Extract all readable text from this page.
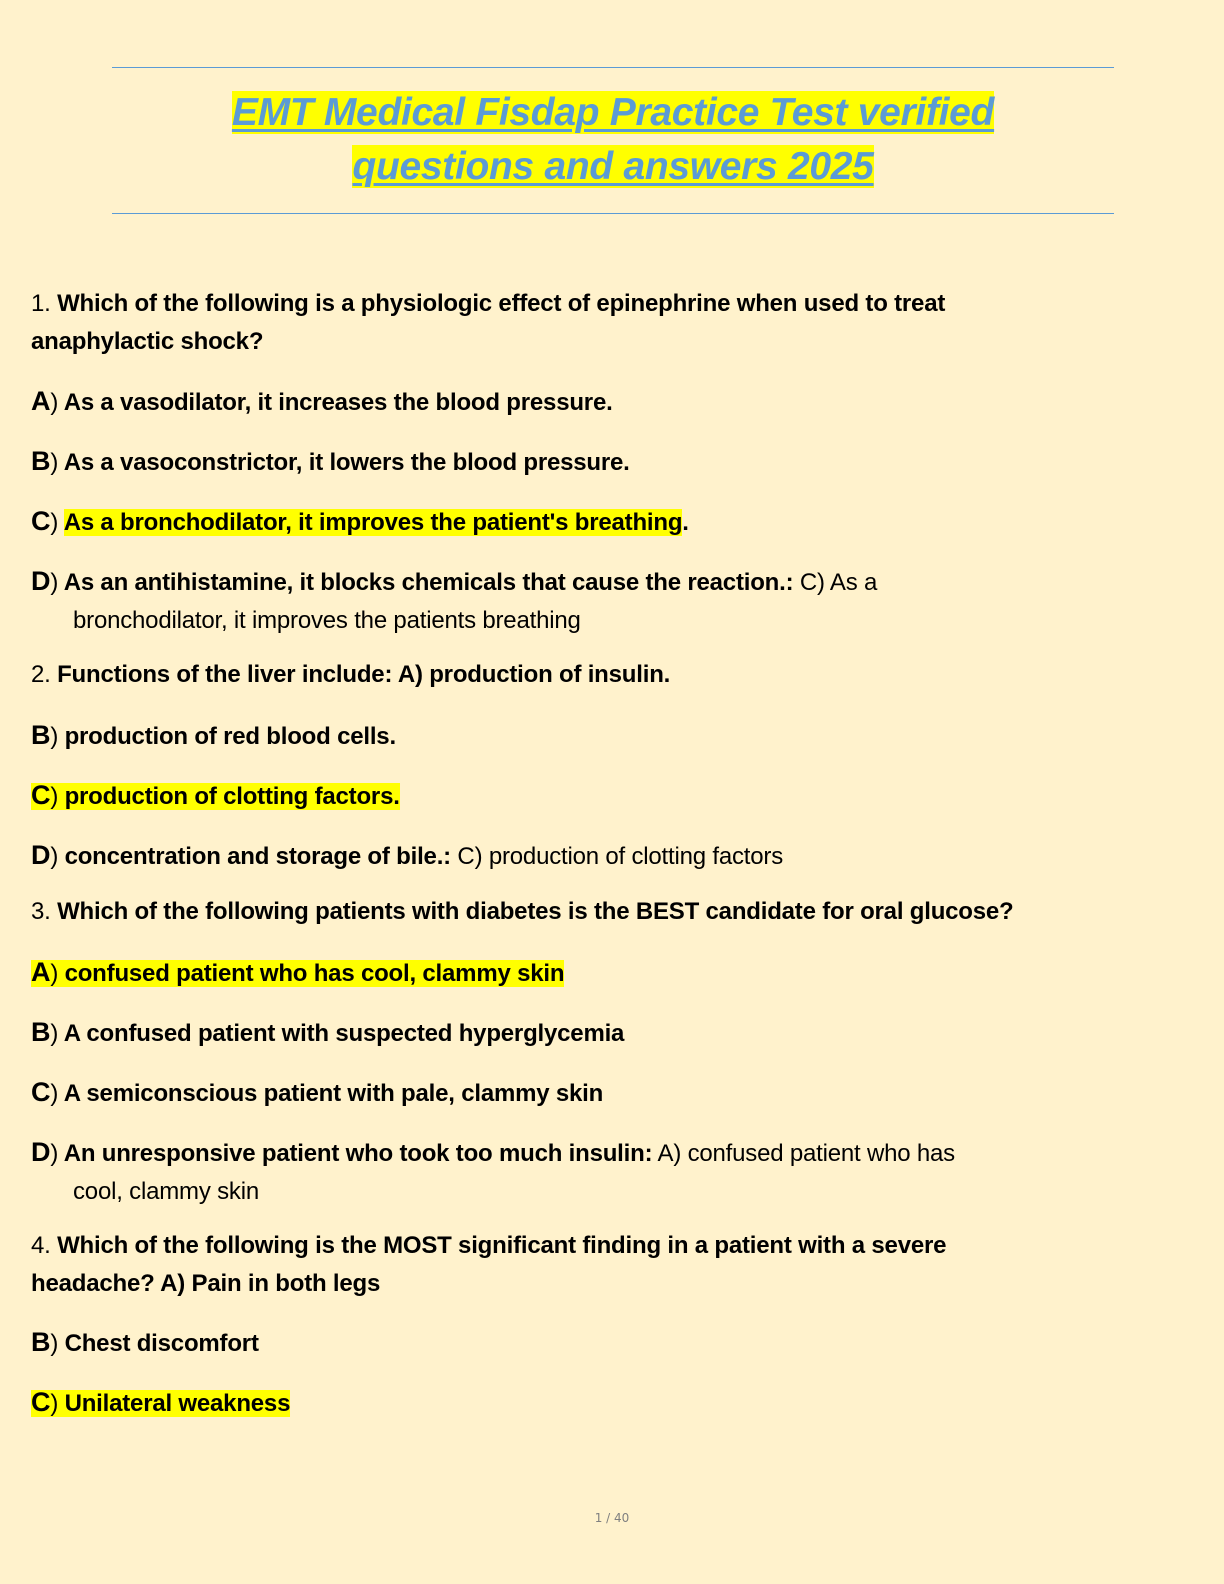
EMT Medical Fisdap Practice Test verified
questions and answers 2025
1. Which of the following is a physiologic effect of epinephrine when used to treat
anaphylactic shock?
A) As a vasodilator, it increases the blood pressure.
B) As a vasoconstrictor, it lowers the blood pressure.
C) As a bronchodilator, it improves the patient's breathing.
D) As an antihistamine, it blocks chemicals that cause the reaction.: C) As a
bronchodilator, it improves the patients breathing
2. Functions of the liver include: A) production of insulin.
B) production of red blood cells.
C) production of clotting factors.
D) concentration and storage of bile.: C) production of clotting factors
3. Which of the following patients with diabetes is the BEST candidate for oral glucose?
A) confused patient who has cool, clammy skin
B) A confused patient with suspected hyperglycemia
C) A semiconscious patient with pale, clammy skin
D) An unresponsive patient who took too much insulin: A) confused patient who has
cool, clammy skin
4. Which of the following is the MOST significant finding in a patient with a severe
headache? A) Pain in both legs
B) Chest discomfort
C) Unilateral weakness
1 / 40
